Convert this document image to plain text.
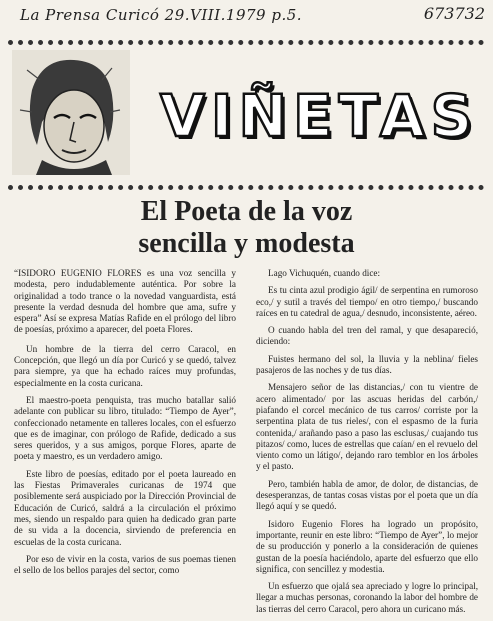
La Prensa Curicó 29.VIII.1979 p.5.	673732
VIÑETAS
El Poeta de la voz
sencilla y modesta

“ISIDORO EUGENIO FLORES es una voz sencilla y modesta, pero indudablemente auténtica. Por sobre la originalidad a todo trance o la novedad vanguardista, está presente la verdad desnuda del hombre que ama, sufre y espera” Así se expresa Matías Rafide en el prólogo del libro de poesías, próximo a aparecer, del poeta Flores.

Un hombre de la tierra del cerro Caracol, en Concepción, que llegó un día por Curicó y se quedó, talvez para siempre, ya que ha echado raíces muy profundas, especialmente en la costa curicana.

El maestro-poeta penquista, tras mucho batallar salió adelante con publicar su libro, titulado: “Tiempo de Ayer”, confeccionado netamente en talleres locales, con el esfuerzo que es de imaginar, con prólogo de Rafide, dedicado a sus seres queridos, y a sus amigos, porque Flores, aparte de poeta y maestro, es un verdadero amigo.

Este libro de poesías, editado por el poeta laureado en las Fiestas Primaverales curicanas de 1974 que posiblemente será auspiciado por la Dirección Provincial de Educación de Curicó, saldrá a la circulación el próximo mes, siendo un respaldo para quien ha dedicado gran parte de su vida a la docencia, sirviendo de preferencia en escuelas de la costa curicana.

Por eso de vivir en la costa, varios de sus poemas tienen el sello de los bellos parajes del sector, como

Lago Vichuquén, cuando dice:

Es tu cinta azul prodigio ágil/ de serpentina en rumoroso eco,/ y sutil a través del tiempo/ en otro tiempo,/ buscando raíces en tu catedral de agua,/ desnudo, inconsistente, aéreo.

O cuando habla del tren del ramal, y que desapareció, diciendo:

Fuistes hermano del sol, la lluvia y la neblina/ fieles pasajeros de las noches y de tus días.

Mensajero señor de las distancias,/ con tu vientre de acero alimentado/ por las ascuas heridas del carbón,/ piafando el corcel mecánico de tus carros/ corriste por la serpentina plata de tus rieles/, con el espasmo de la furia contenida,/ arañando paso a paso las esclusas,/ cuajando tus pitazos/ como, luces de estrellas que caían/ en el revuelo del viento como un látigo/, dejando raro temblor en los árboles y el pasto.

Pero, también habla de amor, de dolor, de distancias, de desesperanzas, de tantas cosas vistas por el poeta que un día llegó aquí y se quedó.

Isidoro Eugenio Flores ha logrado un propósito, importante, reunir en este libro: “Tiempo de Ayer”, lo mejor de su producción y ponerlo a la consideración de quienes gustan de la poesía haciéndolo, aparte del esfuerzo que ello significa, con sencillez y modestia.

Un esfuerzo que ojalá sea apreciado y logre lo principal, llegar a muchas personas, coronando la labor del hombre de las tierras del cerro Caracol, pero ahora un curicano más.
